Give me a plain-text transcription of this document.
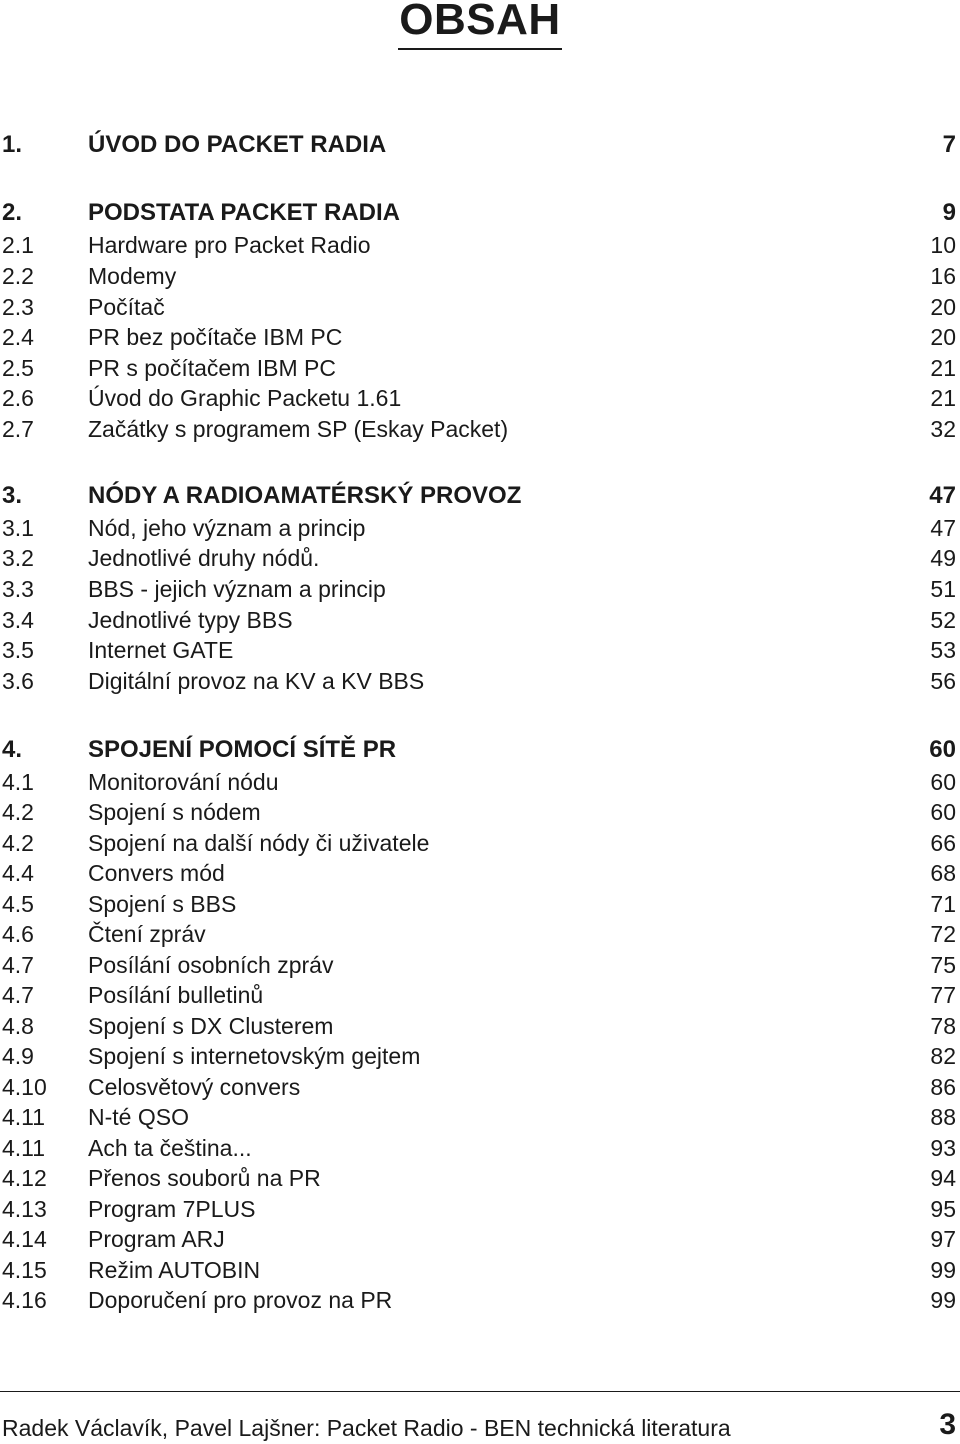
OBSAH
1.	ÚVOD DO PACKET RADIA	7
2.	PODSTATA PACKET RADIA	9
2.1 Hardware pro Packet Radio	10
2.2 Modemy	16
2.3 Počítač	20
2.4 PR bez počítače IBM PC	20
2.5 PR s počítačem IBM PC	21
2.6 Úvod do Graphic Packetu 1.61	21
2.7 Začátky s programem SP (Eskay Packet)	32
3.	NÓDY A RADIOAMATÉRSKÝ PROVOZ	47
3.1 Nód, jeho význam a princip	47
3.2 Jednotlivé druhy nódů.	49
3.3 BBS - jejich význam a princip	51
3.4 Jednotlivé typy BBS	52
3.5 Internet GATE	53
3.6 Digitální provoz na KV a KV BBS	56
4.	SPOJENÍ POMOCÍ SÍTĚ PR	60
4.1 Monitorování nódu	60
4.2 Spojení s nódem	60
4.2 Spojení na další nódy či uživatele	66
4.4 Convers mód	68
4.5 Spojení s BBS	71
4.6 Čtení zpráv	72
4.7 Posílání osobních zpráv	75
4.7 Posílání bulletinů	77
4.8 Spojení s DX Clusterem	78
4.9 Spojení s internetovským gejtem	82
4.10 Celosvětový convers	86
4.11 N-té QSO	88
4.11 Ach ta čeština...	93
4.12 Přenos souborů na PR	94
4.13 Program 7PLUS	95
4.14 Program ARJ	97
4.15 Režim AUTOBIN	99
4.16 Doporučení pro provoz na PR	99
Radek Václavík, Pavel Lajšner: Packet Radio - BEN technická literatura	3
